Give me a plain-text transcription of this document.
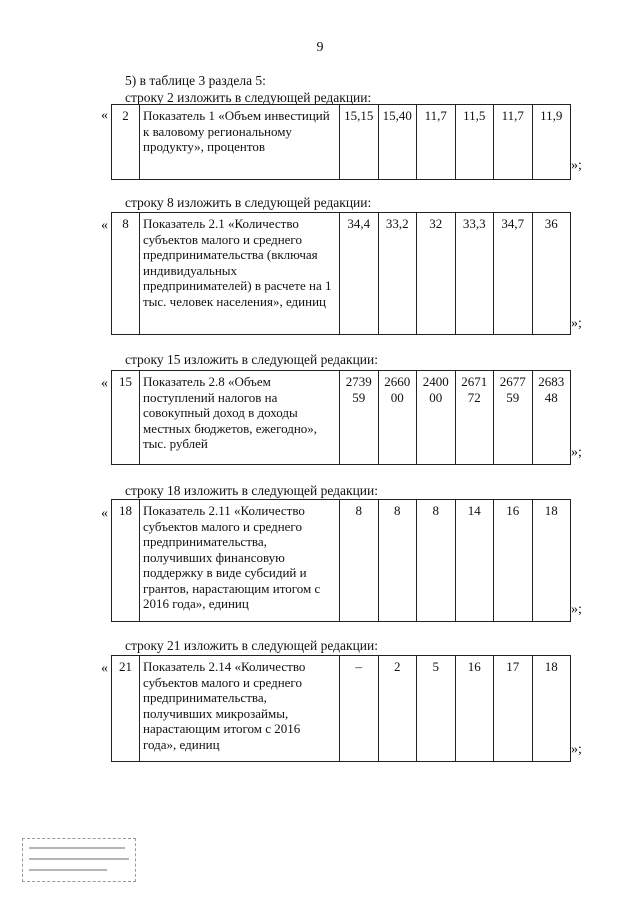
9
5) в таблице 3 раздела 5:
строку 2 изложить в следующей редакции:
« 2	Показатель 1 «Объем инвестиций к валовому региональному продукту», процентов	15,15	15,40	11,7	11,5	11,7	11,9
»;
строку 8 изложить в следующей редакции:
« 8	Показатель 2.1 «Количество субъектов малого и среднего предпринимательства (включая индивидуальных предпринимателей) в расчете на 1 тыс. человек населения», единиц	34,4	33,2	32	33,3	34,7	36
»;
строку 15 изложить в следующей редакции:
« 15	Показатель 2.8 «Объем поступлений налогов на совокупный доход в доходы местных бюджетов, ежегодно», тыс. рублей	273959	266000	240000	267172	267759	268348
»;
строку 18 изложить в следующей редакции:
« 18	Показатель 2.11 «Количество субъектов малого и среднего предпринимательства, получивших финансовую поддержку в виде субсидий и грантов, нарастающим итогом с 2016 года», единиц	8	8	8	14	16	18
»;
строку 21 изложить в следующей редакции:
« 21	Показатель 2.14 «Количество субъектов малого и среднего предпринимательства, получивших микрозаймы, нарастающим итогом с 2016 года», единиц	–	2	5	16	17	18
»;
